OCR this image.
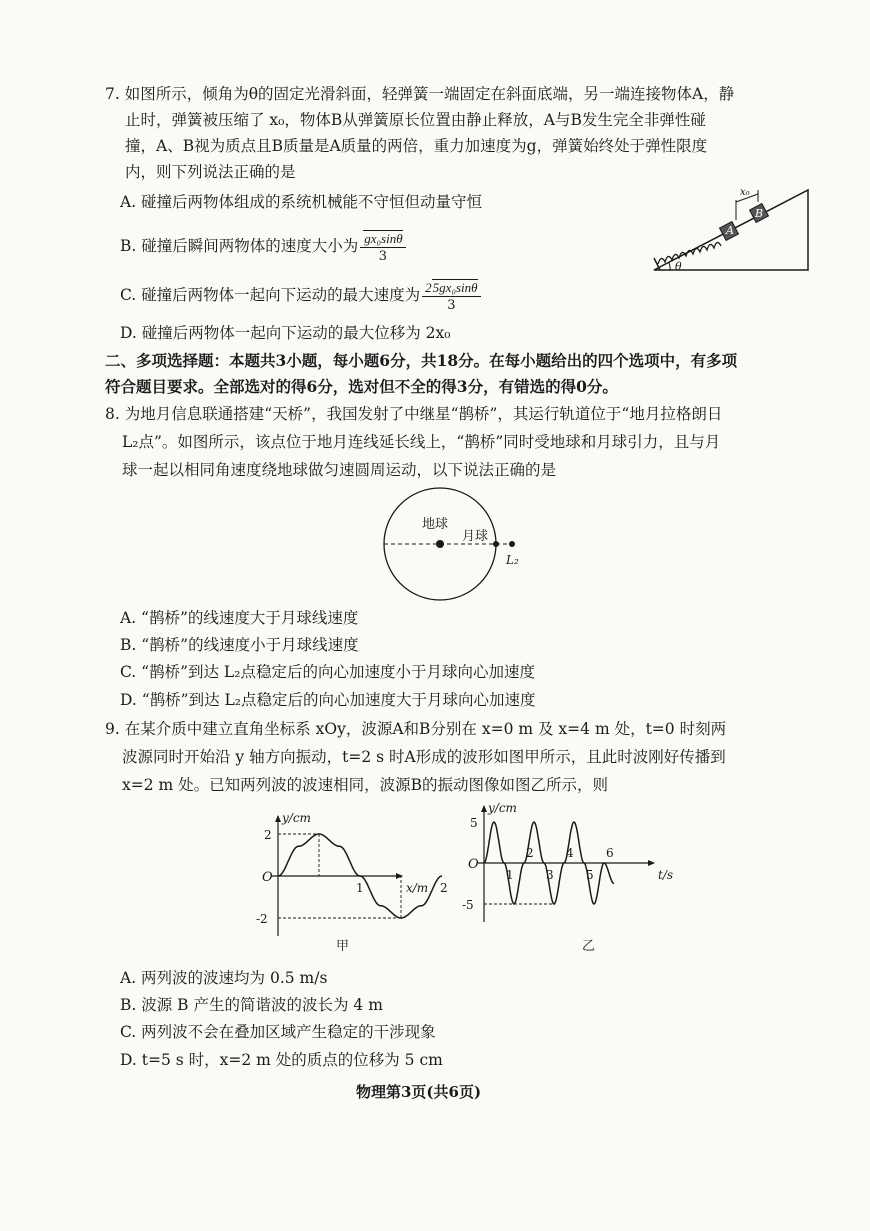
7. 如图所示，倾角为θ的固定光滑斜面，轻弹簧一端固定在斜面底端，另一端连接物体A，静
止时，弹簧被压缩了 x₀，物体B从弹簧原长位置由静止释放，A与B发生完全非弹性碰
撞，A、B视为质点且B质量是A质量的两倍，重力加速度为g，弹簧始终处于弹性限度
内，则下列说法正确的是
A. 碰撞后两物体组成的系统机械能不守恒但动量守恒
B. 碰撞后瞬间两物体的速度大小为 $\frac{\text{gx₀sinθ}}{3}$
C. 碰撞后两物体一起向下运动的最大速度为 $\frac{\text{25gx₀sinθ}}{3}$
D. 碰撞后两物体一起向下运动的最大位移为 2x₀
A
B
x₀
θ
二、多项选择题：本题共3小题，每小题6分，共18分。在每小题给出的四个选项中，有多项
符合题目要求。全部选对的得6分，选对但不全的得3分，有错选的得0分。
8. 为地月信息联通搭建“天桥”，我国发射了中继星“鹊桥”，其运行轨道位于“地月拉格朗日
L₂点”。如图所示，该点位于地月连线延长线上，“鹊桥”同时受地球和月球引力，且与月
球一起以相同角速度绕地球做匀速圆周运动，以下说法正确的是
地球
月球
L₂
A. “鹊桥”的线速度大于月球线速度
B. “鹊桥”的线速度小于月球线速度
C. “鹊桥”到达 L₂点稳定后的向心加速度小于月球向心加速度
D. “鹊桥”到达 L₂点稳定后的向心加速度大于月球向心加速度
9. 在某介质中建立直角坐标系 xOy，波源A和B分别在 x=0 m 及 x=4 m 处，t=0 时刻两
波源同时开始沿 y 轴方向振动，t=2 s 时A形成的波形如图甲所示，且此时波刚好传播到
x=2 m 处。已知两列波的波速相同，波源B的振动图像如图乙所示，则
y/cm
x/m
O
2
-2
1	2
甲
y/cm
t/s
O
5
-5
1
2
3
4
5
6
乙
A. 两列波的波速均为 0.5 m/s
B. 波源 B 产生的简谐波的波长为 4 m
C. 两列波不会在叠加区域产生稳定的干涉现象
D. t=5 s 时，x=2 m 处的质点的位移为 5 cm
物理第3页(共6页)
